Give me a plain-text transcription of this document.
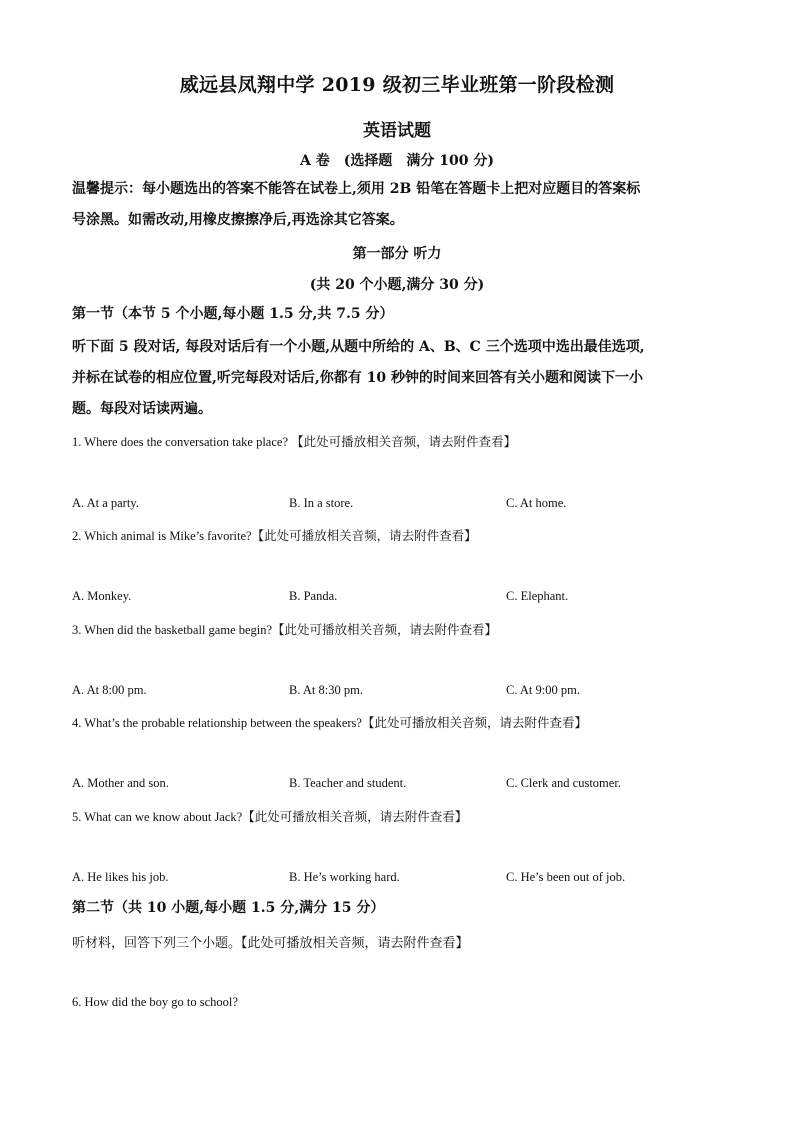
威远县凤翔中学 2019 级初三毕业班第一阶段检测
英语试题
A 卷　(选择题　满分 100 分)
温馨提示：每小题选出的答案不能答在试卷上,须用 2B 铅笔在答题卡上把对应题目的答案标
号涂黑。如需改动,用橡皮擦擦净后,再选涂其它答案。
第一部分 听力
(共 20 个小题,满分 30 分)
第一节（本节 5 个小题,每小题 1.5 分,共 7.5 分）
听下面 5 段对话, 每段对话后有一个小题,从题中所给的 A、B、C 三个选项中选出最佳选项,
并标在试卷的相应位置,听完每段对话后,你都有 10 秒钟的时间来回答有关小题和阅读下一小
题。每段对话读两遍。
1. Where does the conversation take place? 【此处可播放相关音频，请去附件查看】
A. At a party.	B. In a store.	C. At home.
2. Which animal is Mike’s favorite?【此处可播放相关音频，请去附件查看】
A. Monkey.	B. Panda.	C. Elephant.
3. When did the basketball game begin?【此处可播放相关音频，请去附件查看】
A. At 8:00 pm.	B. At 8:30 pm.	C. At 9:00 pm.
4. What’s the probable relationship between the speakers?【此处可播放相关音频，请去附件查看】
A. Mother and son.	B. Teacher and student.	C. Clerk and customer.
5. What can we know about Jack?【此处可播放相关音频，请去附件查看】
A. He likes his job.	B. He’s working hard.	C. He’s been out of job.
第二节（共 10 小题,每小题 1.5 分,满分 15 分）
听材料，回答下列三个小题。【此处可播放相关音频，请去附件查看】
6. How did the boy go to school?
